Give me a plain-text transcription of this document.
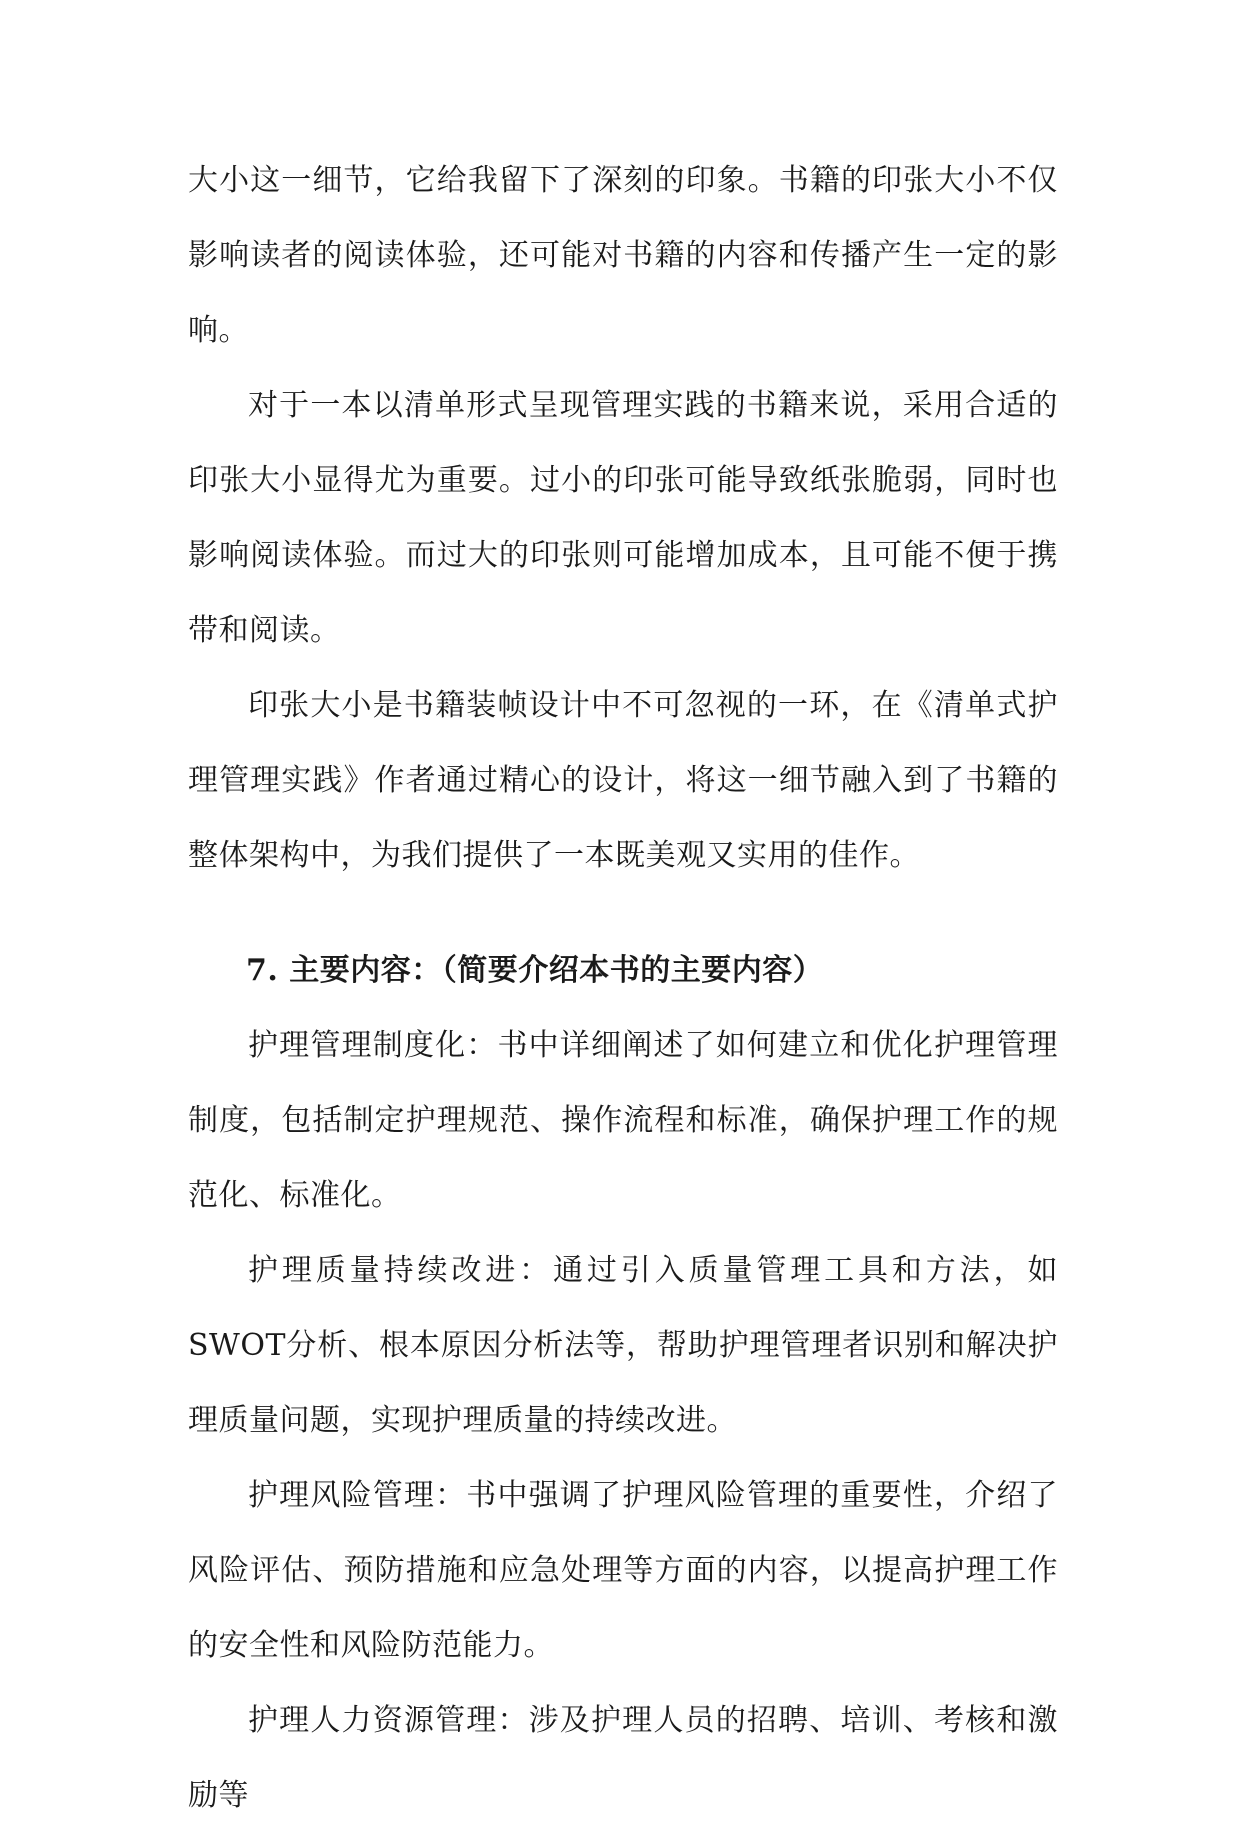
大小这一细节，它给我留下了深刻的印象。书籍的印张大小不仅影响读者的阅读体验，还可能对书籍的内容和传播产生一定的影响。

对于一本以清单形式呈现管理实践的书籍来说，采用合适的印张大小显得尤为重要。过小的印张可能导致纸张脆弱，同时也影响阅读体验。而过大的印张则可能增加成本，且可能不便于携带和阅读。

印张大小是书籍装帧设计中不可忽视的一环，在《清单式护理管理实践》作者通过精心的设计，将这一细节融入到了书籍的整体架构中，为我们提供了一本既美观又实用的佳作。

7. 主要内容：（简要介绍本书的主要内容）

护理管理制度化：书中详细阐述了如何建立和优化护理管理制度，包括制定护理规范、操作流程和标准，确保护理工作的规范化、标准化。

护理质量持续改进：通过引入质量管理工具和方法，如SWOT分析、根本原因分析法等，帮助护理管理者识别和解决护理质量问题，实现护理质量的持续改进。

护理风险管理：书中强调了护理风险管理的重要性，介绍了风险评估、预防措施和应急处理等方面的内容，以提高护理工作的安全性和风险防范能力。

护理人力资源管理：涉及护理人员的招聘、培训、考核和激励等
